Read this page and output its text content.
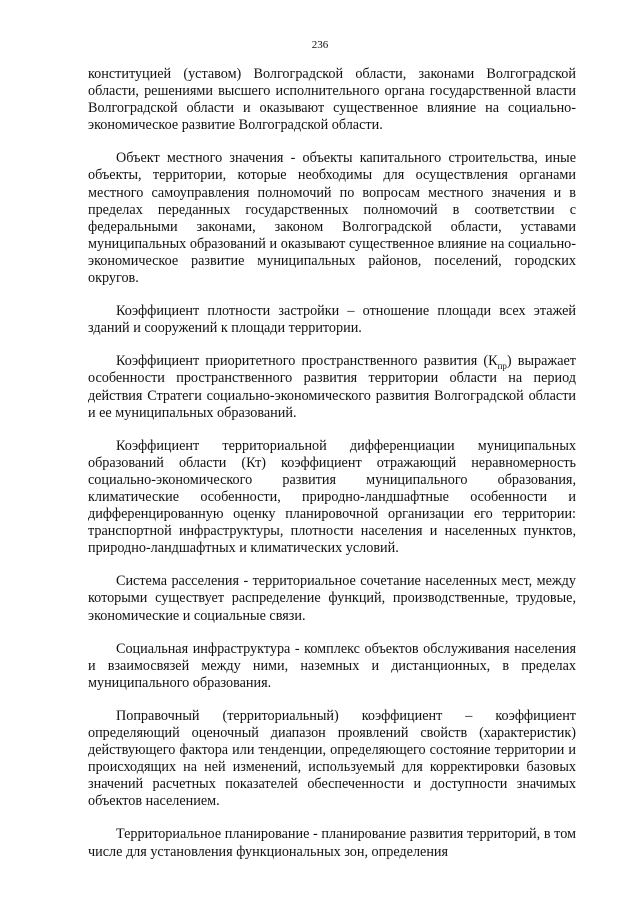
236

конституцией (уставом) Волгоградской области, законами Волгоградской области, решениями высшего исполнительного органа государственной власти Волгоградской области и оказывают существенное влияние на социально-экономическое развитие Волгоградской области.

Объект местного значения - объекты капитального строительства, иные объекты, территории, которые необходимы для осуществления органами местного самоуправления полномочий по вопросам местного значения и в пределах переданных государственных полномочий в соответствии с федеральными законами, законом Волгоградской области, уставами муниципальных образований и оказывают существенное влияние на социально-экономическое развитие муниципальных районов, поселений, городских округов.

Коэффициент плотности застройки – отношение площади всех этажей зданий и сооружений к площади территории.

Коэффициент приоритетного пространственного развития $(К_{пр})$ выражает особенности пространственного развития территории области на период действия Стратеги социально-экономического развития Волгоградской области и ее муниципальных образований.

Коэффициент территориальной дифференциации муниципальных образований области (Кт) коэффициент отражающий неравномерность социально-экономического развития муниципального образования, климатические особенности, природно-ландшафтные особенности и дифференцированную оценку планировочной организации его территории: транспортной инфраструктуры, плотности населения и населенных пунктов, природно-ландшафтных и климатических условий.

Система расселения - территориальное сочетание населенных мест, между которыми существует распределение функций, производственные, трудовые, экономические и социальные связи.

Социальная инфраструктура - комплекс объектов обслуживания населения и взаимосвязей между ними, наземных и дистанционных, в пределах муниципального образования.

Поправочный (территориальный) коэффициент – коэффициент определяющий оценочный диапазон проявлений свойств (характеристик) действующего фактора или тенденции, определяющего состояние территории и происходящих на ней изменений, используемый для корректировки базовых значений расчетных показателей обеспеченности и доступности значимых объектов населением.

Территориальное планирование - планирование развития территорий, в том числе для установления функциональных зон, определения
